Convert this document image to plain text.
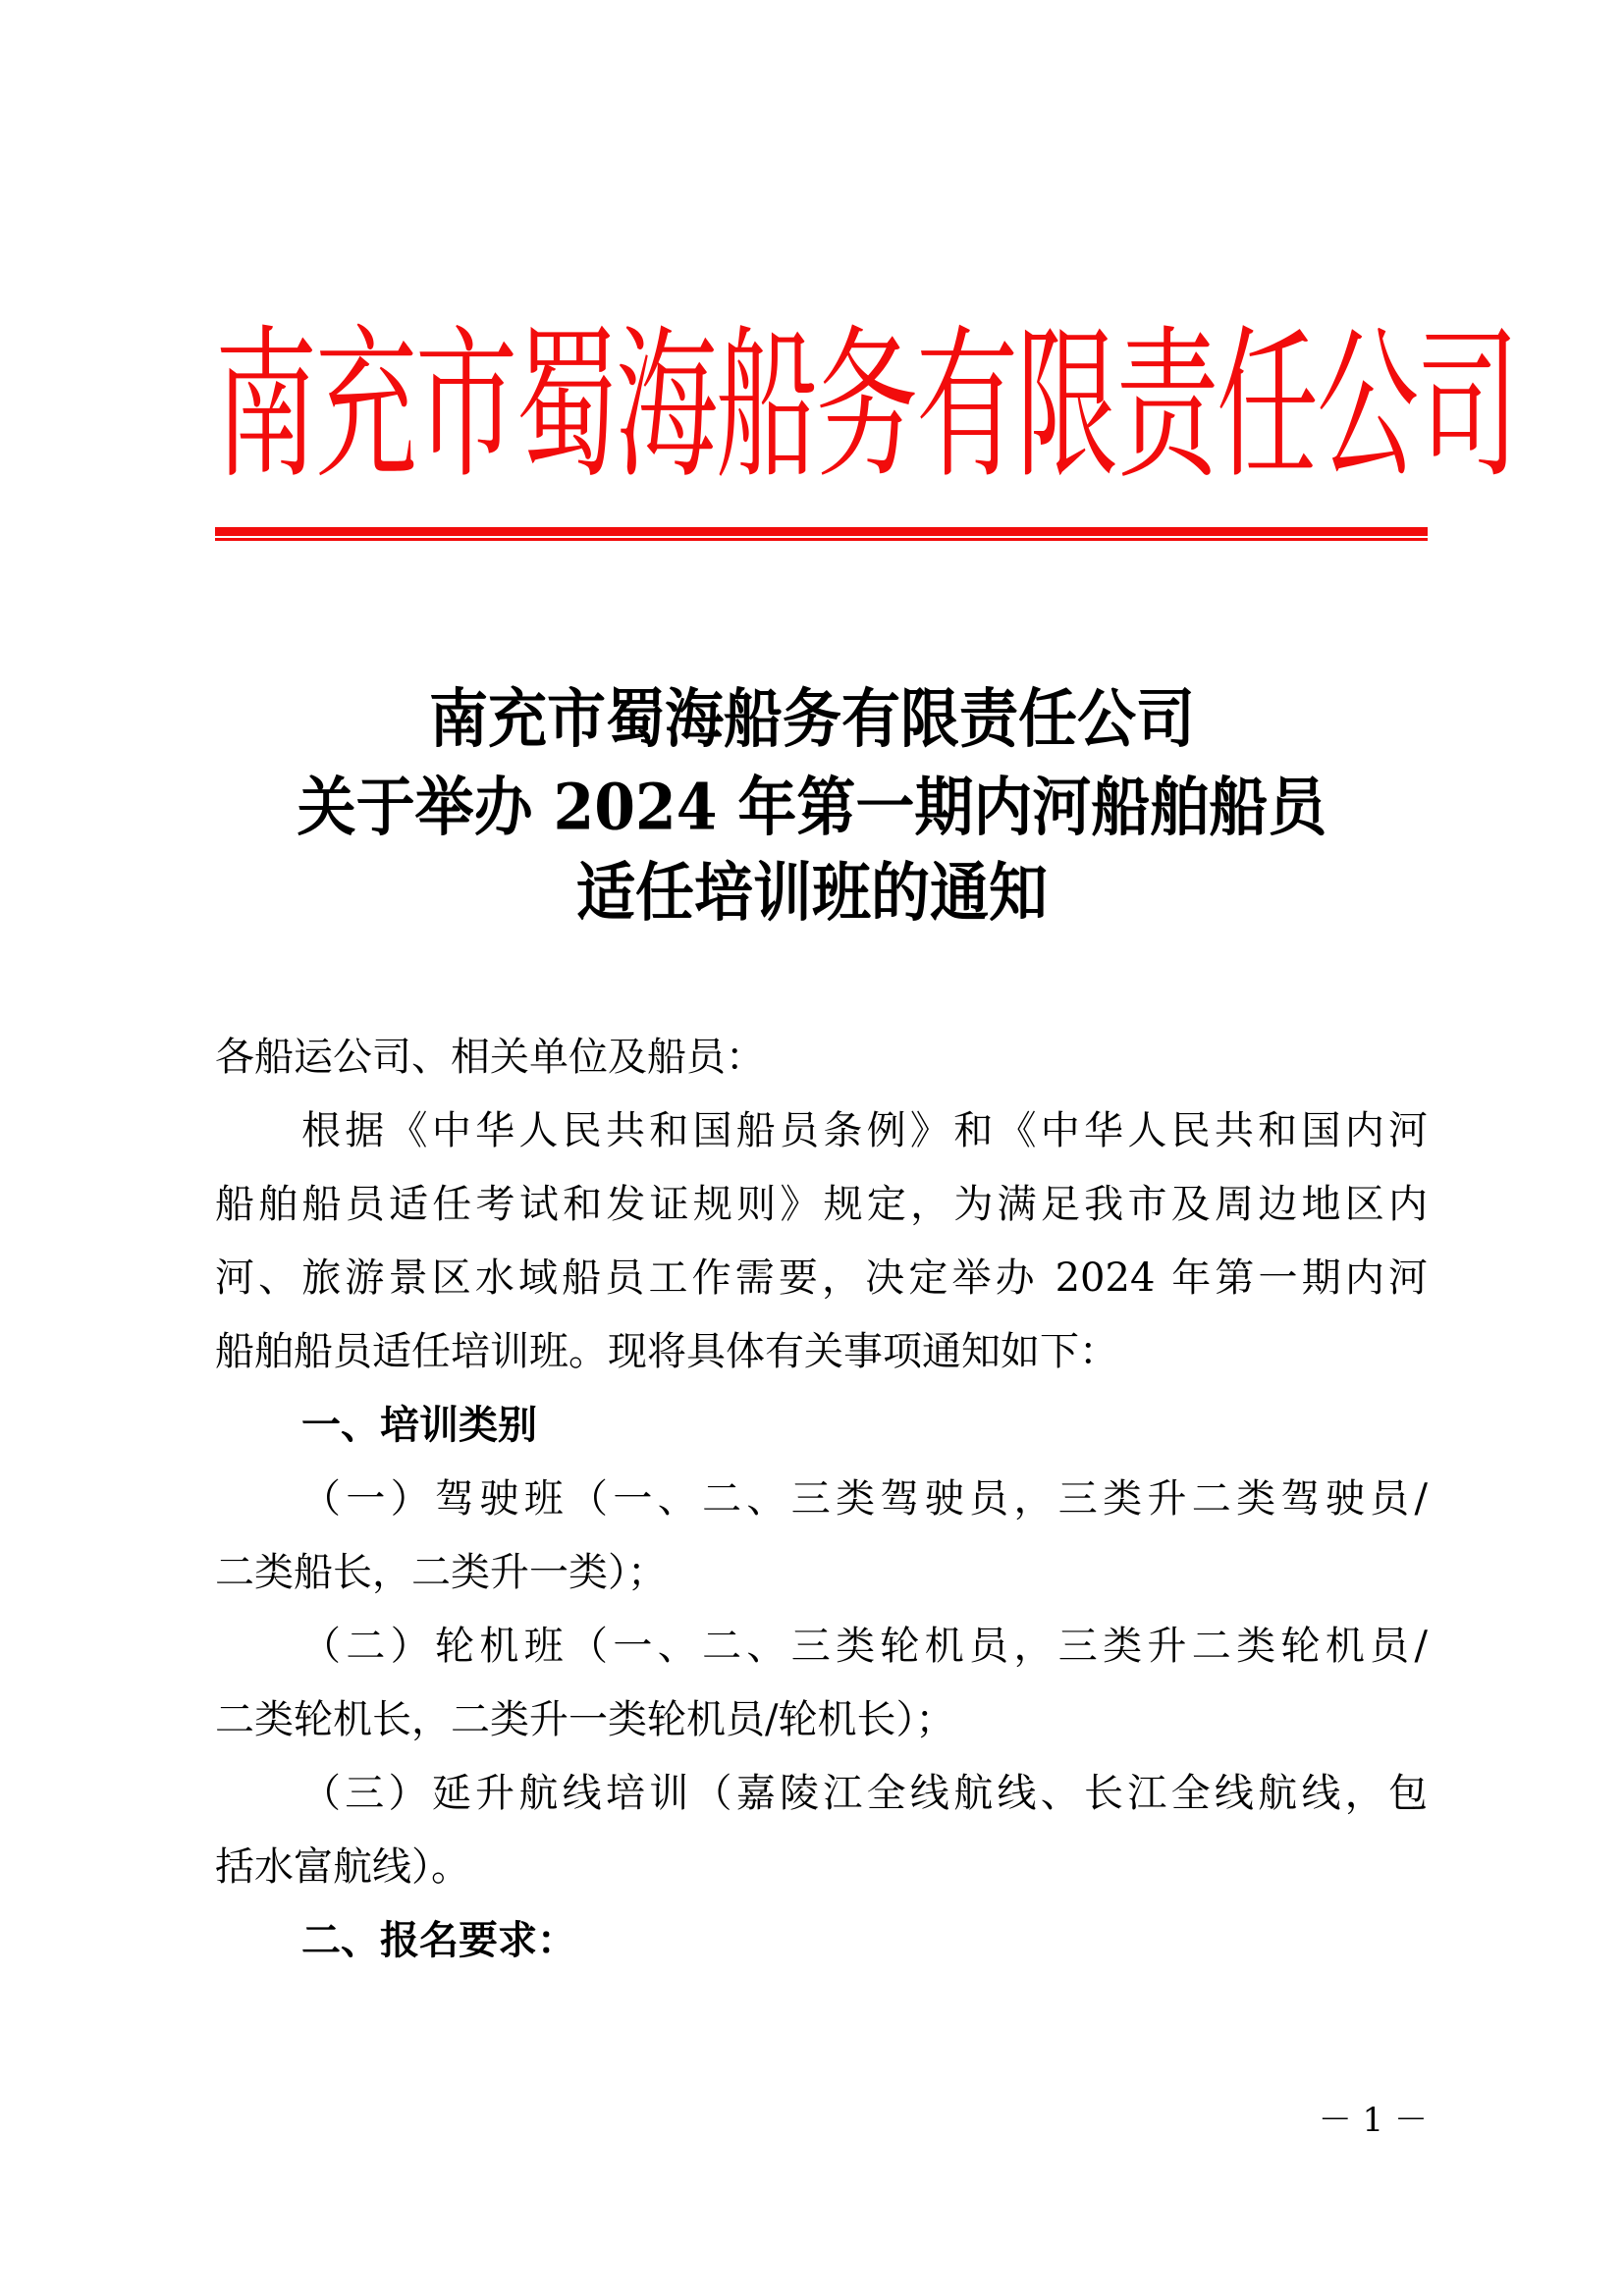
南
充
市
蜀
海
船
务
有
限
责
任
公
司
南充市蜀海船务有限责任公司
关于举办 2024 年第一期内河船舶船员
适任培训班的通知
各船运公司、相关单位及船员：
根据《中华人民共和国船员条例》和《中华人民共和国内河
船舶船员适任考试和发证规则》规定，为满足我市及周边地区内
河、旅游景区水域船员工作需要，决定举办 2024 年第一期内河
船舶船员适任培训班。现将具体有关事项通知如下：
一、培训类别
（一）驾驶班（一、二、三类驾驶员，三类升二类驾驶员/
二类船长，二类升一类）；
（二）轮机班（一、二、三类轮机员，三类升二类轮机员/
二类轮机长，二类升一类轮机员/轮机长）；
（三）延升航线培训（嘉陵江全线航线、长江全线航线，包
括水富航线）。
二、报名要求：
－ 1 －
